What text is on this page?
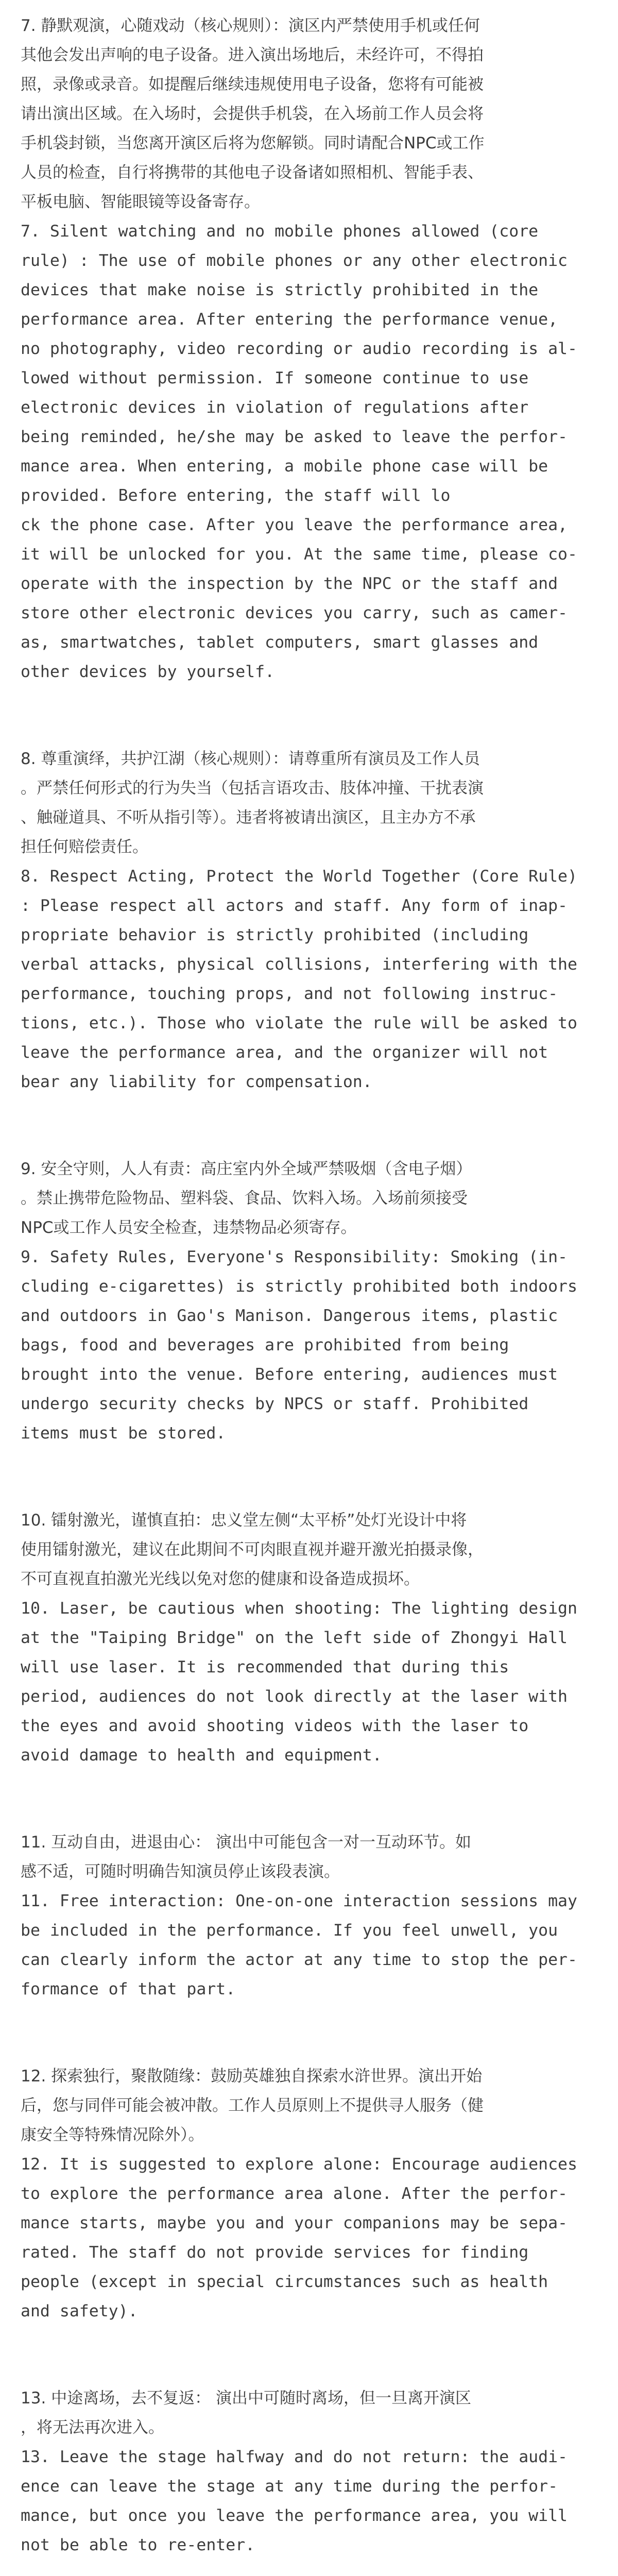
7. 静默观演，心随戏动（核心规则）：演区内严禁使用手机或任何
其他会发出声响的电子设备。进入演出场地后，未经许可，不得拍
照，录像或录音。如提醒后继续违规使用电子设备，您将有可能被
请出演出区域。在入场时，会提供手机袋，在入场前工作人员会将
手机袋封锁，当您离开演区后将为您解锁。同时请配合NPC或工作
人员的检查，自行将携带的其他电子设备诸如照相机、智能手表、
平板电脑、智能眼镜等设备寄存。

7. Silent watching and no mobile phones allowed (core
rule) : The use of mobile phones or any other electronic
devices that make noise is strictly prohibited in the
performance area. After entering the performance venue,
no photography, video recording or audio recording is al-
lowed without permission. If someone continue to use
electronic devices in violation of regulations after
being reminded, he/she may be asked to leave the perfor-
mance area. When entering, a mobile phone case will be
provided. Before entering, the staff will lo
ck the phone case. After you leave the performance area,
it will be unlocked for you. At the same time, please co-
operate with the inspection by the NPC or the staff and
store other electronic devices you carry, such as camer-
as, smartwatches, tablet computers, smart glasses and
other devices by yourself.

8. 尊重演绎，共护江湖（核心规则）：请尊重所有演员及工作人员
。严禁任何形式的行为失当（包括言语攻击、肢体冲撞、干扰表演
、触碰道具、不听从指引等）。违者将被请出演区，且主办方不承
担任何赔偿责任。

8. Respect Acting, Protect the World Together (Core Rule)
: Please respect all actors and staff. Any form of inap-
propriate behavior is strictly prohibited (including
verbal attacks, physical collisions, interfering with the
performance, touching props, and not following instruc-
tions, etc.). Those who violate the rule will be asked to
leave the performance area, and the organizer will not
bear any liability for compensation.

9. 安全守则，人人有责：高庄室内外全域严禁吸烟（含电子烟）
。禁止携带危险物品、塑料袋、食品、饮料入场。入场前须接受
NPC或工作人员安全检查，违禁物品必须寄存。

9. Safety Rules, Everyone's Responsibility: Smoking (in-
cluding e-cigarettes) is strictly prohibited both indoors
and outdoors in Gao's Manison. Dangerous items, plastic
bags, food and beverages are prohibited from being
brought into the venue. Before entering, audiences must
undergo security checks by NPCS or staff. Prohibited
items must be stored.

10. 镭射激光，谨慎直拍：忠义堂左侧“太平桥”处灯光设计中将
使用镭射激光，建议在此期间不可肉眼直视并避开激光拍摄录像，
不可直视直拍激光光线以免对您的健康和设备造成损坏。

10. Laser, be cautious when shooting: The lighting design
at the "Taiping Bridge" on the left side of Zhongyi Hall
will use laser. It is recommended that during this
period, audiences do not look directly at the laser with
the eyes and avoid shooting videos with the laser to
avoid damage to health and equipment.

11. 互动自由，进退由心： 演出中可能包含一对一互动环节。如
感不适，可随时明确告知演员停止该段表演。

11. Free interaction: One-on-one interaction sessions may
be included in the performance. If you feel unwell, you
can clearly inform the actor at any time to stop the per-
formance of that part.

12. 探索独行，聚散随缘：鼓励英雄独自探索水浒世界。演出开始
后，您与同伴可能会被冲散。工作人员原则上不提供寻人服务（健
康安全等特殊情况除外）。

12. It is suggested to explore alone: Encourage audiences
to explore the performance area alone. After the perfor-
mance starts, maybe you and your companions may be sepa-
rated. The staff do not provide services for finding
people (except in special circumstances such as health
and safety).

13. 中途离场，去不复返： 演出中可随时离场，但一旦离开演区
，将无法再次进入。

13. Leave the stage halfway and do not return: the audi-
ence can leave the stage at any time during the perfor-
mance, but once you leave the performance area, you will
not be able to re-enter.
